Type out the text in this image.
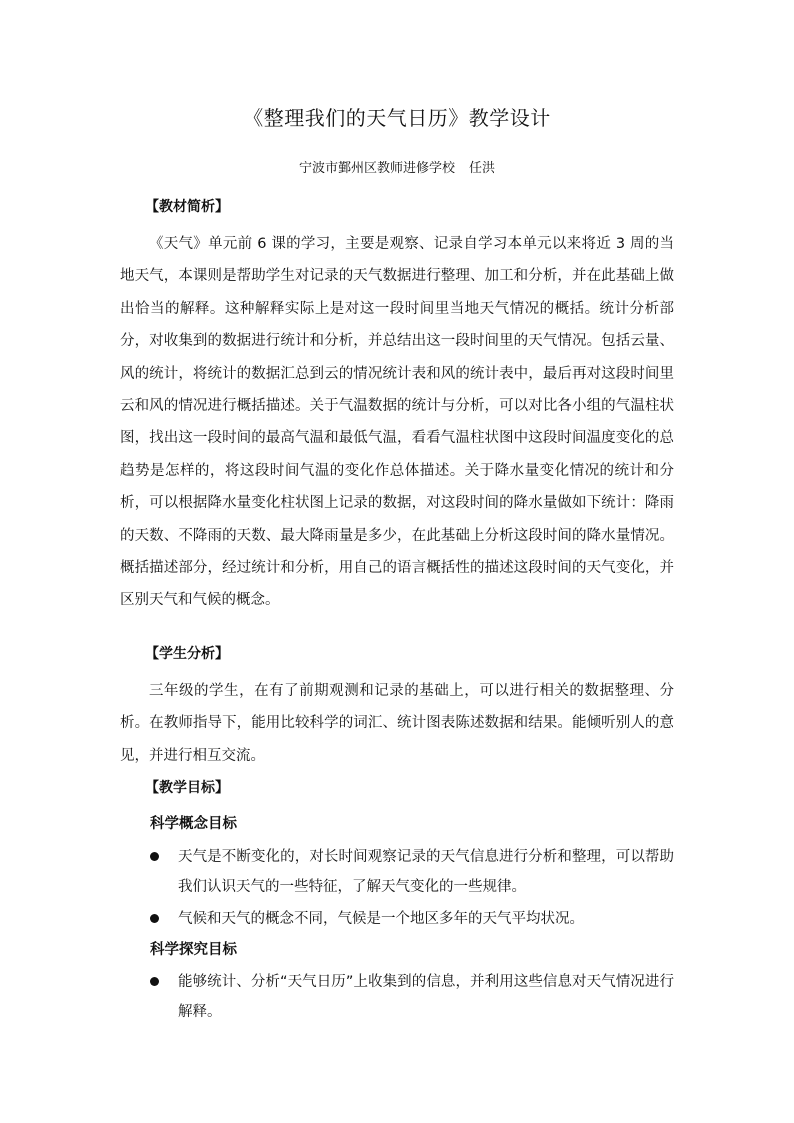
《整理我们的天气日历》教学设计
宁波市鄞州区教师进修学校 任洪
【教材简析】

《天气》单元前 6 课的学习，主要是观察、记录自学习本单元以来将近 3 周的当地天气，本课则是帮助学生对记录的天气数据进行整理、加工和分析，并在此基础上做出恰当的解释。这种解释实际上是对这一段时间里当地天气情况的概括。统计分析部分，对收集到的数据进行统计和分析，并总结出这一段时间里的天气情况。包括云量、风的统计，将统计的数据汇总到云的情况统计表和风的统计表中，最后再对这段时间里云和风的情况进行概括描述。关于气温数据的统计与分析，可以对比各小组的气温柱状图，找出这一段时间的最高气温和最低气温，看看气温柱状图中这段时间温度变化的总趋势是怎样的，将这段时间气温的变化作总体描述。关于降水量变化情况的统计和分析，可以根据降水量变化柱状图上记录的数据，对这段时间的降水量做如下统计：降雨的天数、不降雨的天数、最大降雨量是多少，在此基础上分析这段时间的降水量情况。概括描述部分，经过统计和分析，用自己的语言概括性的描述这段时间的天气变化，并区别天气和气候的概念。

【学生分析】

三年级的学生，在有了前期观测和记录的基础上，可以进行相关的数据整理、分析。在教师指导下，能用比较科学的词汇、统计图表陈述数据和结果。能倾听别人的意见，并进行相互交流。

【教学目标】
科学概念目标
天气是不断变化的，对长时间观察记录的天气信息进行分析和整理，可以帮助我们认识天气的一些特征，了解天气变化的一些规律。
气候和天气的概念不同，气候是一个地区多年的天气平均状况。
科学探究目标
能够统计、分析“天气日历”上收集到的信息，并利用这些信息对天气情况进行解释。
